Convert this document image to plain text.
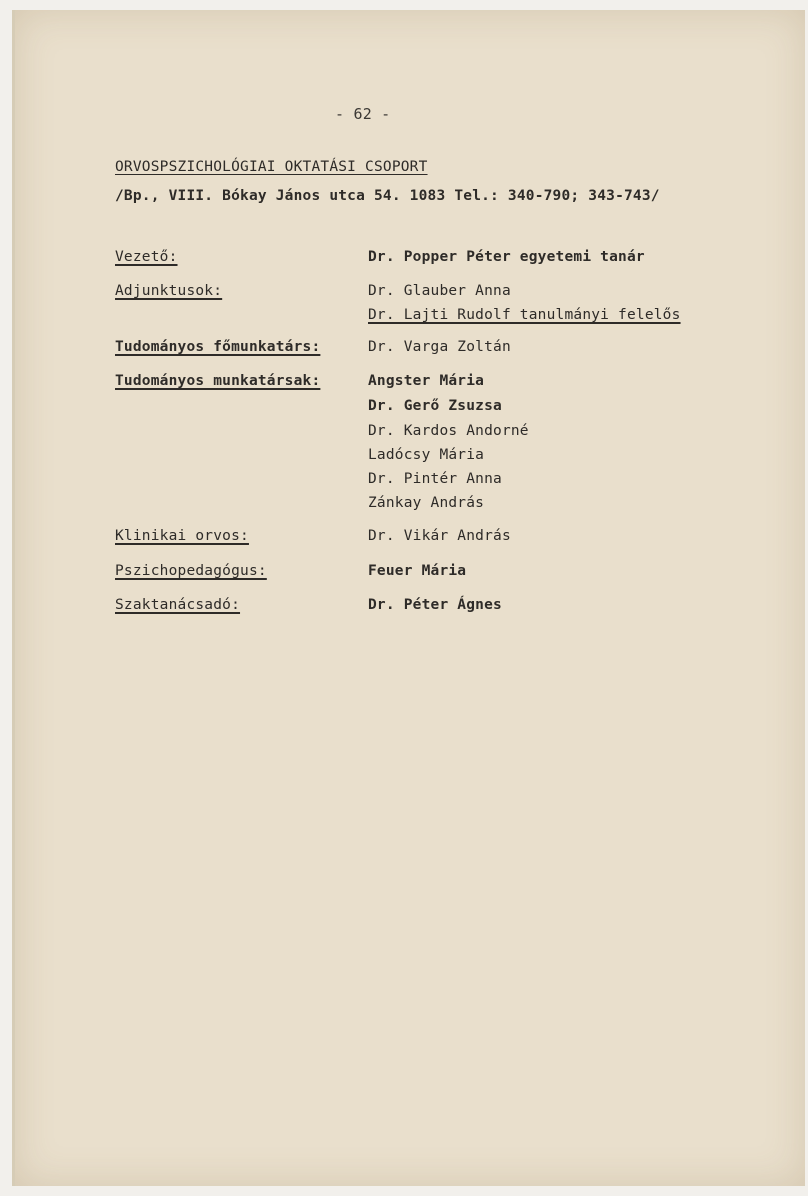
- 62 -
ORVOSPSZICHOLÓGIAI OKTATÁSI CSOPORT
/Bp., VIII. Bókay János utca 54. 1083 Tel.: 340-790; 343-743/
Vezető:	Dr. Popper Péter egyetemi tanár
Adjunktusok:	Dr. Glauber Anna
Dr. Lajti Rudolf tanulmányi felelős
Tudományos főmunkatárs:	Dr. Varga Zoltán
Tudományos munkatársak:	Angster Mária
Dr. Gerő Zsuzsa
Dr. Kardos Andorné
Ladócsy Mária
Dr. Pintér Anna
Zánkay András
Klinikai orvos:	Dr. Vikár András
Pszichopedagógus:	Feuer Mária
Szaktanácsadó:	Dr. Péter Ágnes
